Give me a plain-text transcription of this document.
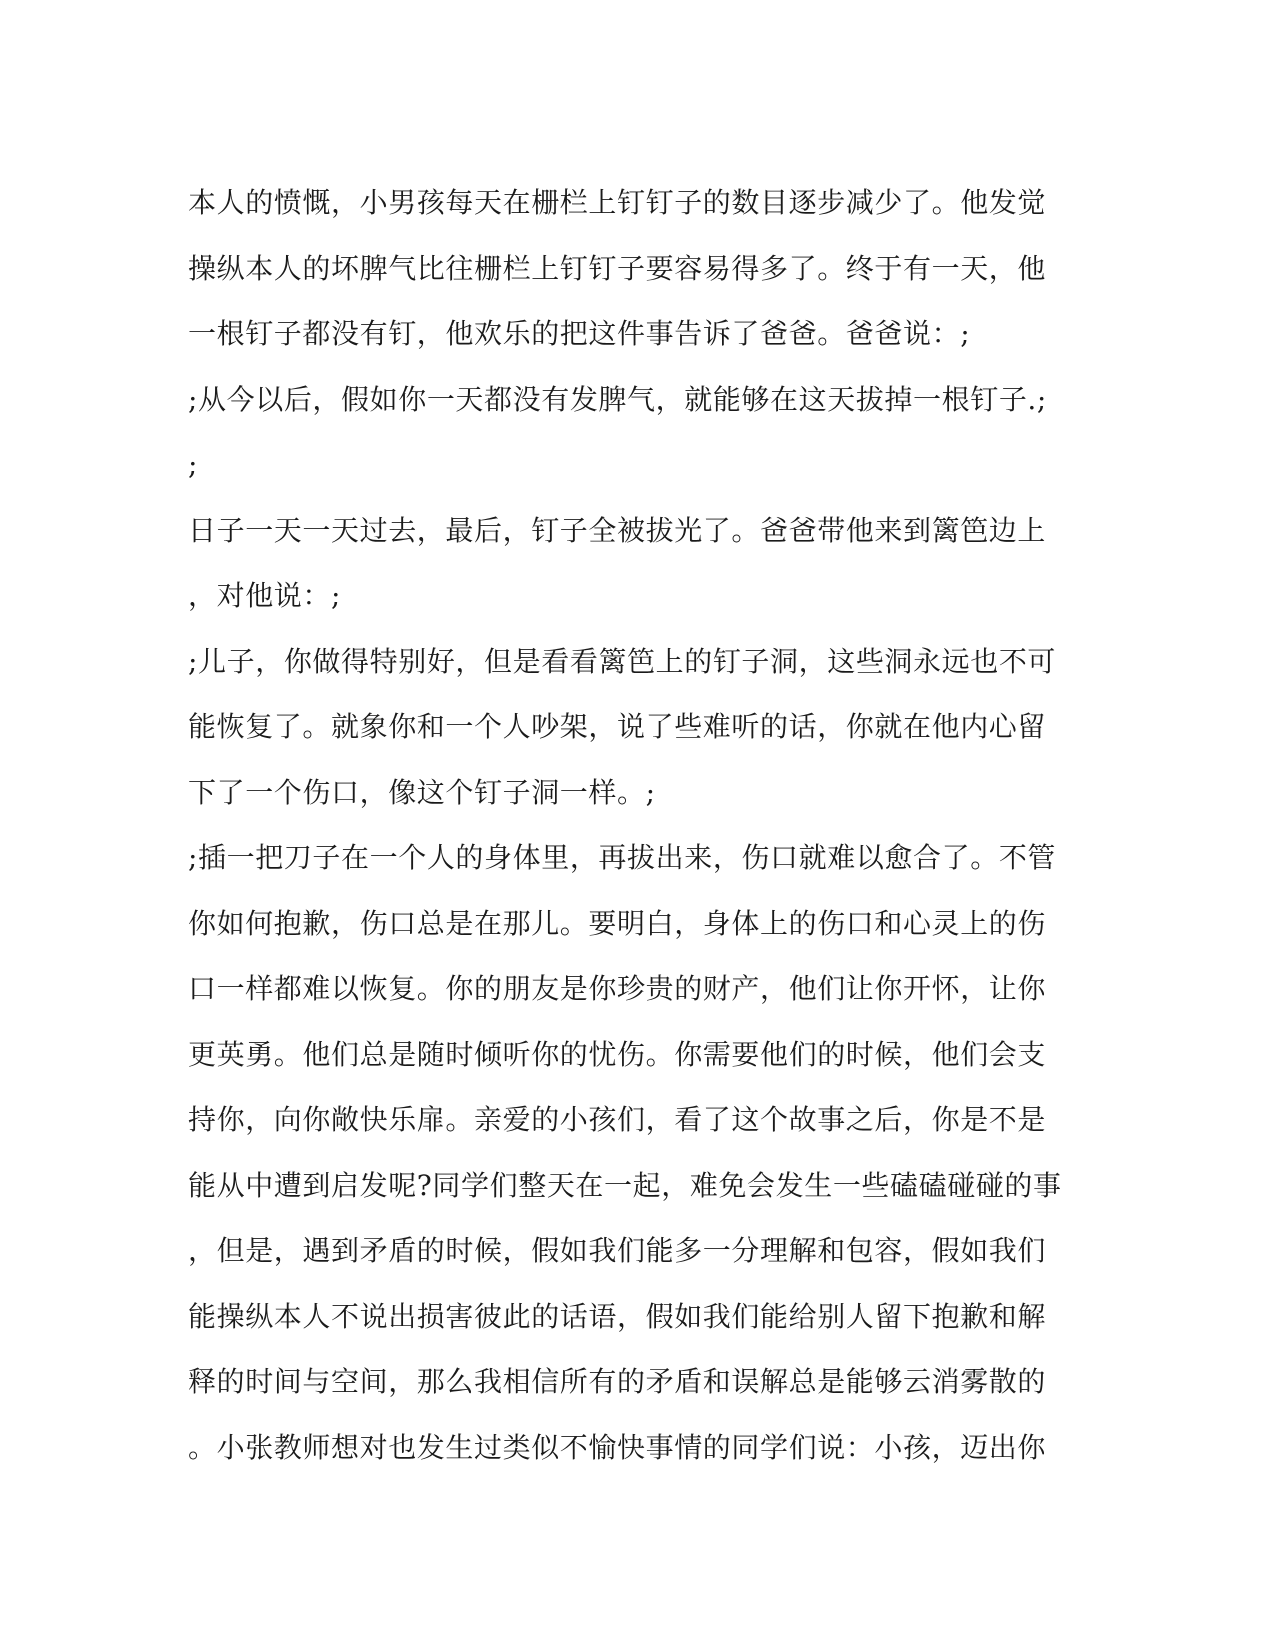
本人的愤慨，小男孩每天在栅栏上钉钉子的数目逐步减少了。他发觉
操纵本人的坏脾气比往栅栏上钉钉子要容易得多了。终于有一天，他
一根钉子都没有钉，他欢乐的把这件事告诉了爸爸。爸爸说：;
;从今以后，假如你一天都没有发脾气，就能够在这天拔掉一根钉子.;
;
日子一天一天过去，最后，钉子全被拔光了。爸爸带他来到篱笆边上
，对他说：;
;儿子，你做得特别好，但是看看篱笆上的钉子洞，这些洞永远也不可
能恢复了。就象你和一个人吵架，说了些难听的话，你就在他内心留
下了一个伤口，像这个钉子洞一样。;
;插一把刀子在一个人的身体里，再拔出来，伤口就难以愈合了。不管
你如何抱歉，伤口总是在那儿。要明白，身体上的伤口和心灵上的伤
口一样都难以恢复。你的朋友是你珍贵的财产，他们让你开怀，让你
更英勇。他们总是随时倾听你的忧伤。你需要他们的时候，他们会支
持你，向你敞快乐扉。亲爱的小孩们，看了这个故事之后，你是不是
能从中遭到启发呢?同学们整天在一起，难免会发生一些磕磕碰碰的事
，但是，遇到矛盾的时候，假如我们能多一分理解和包容，假如我们
能操纵本人不说出损害彼此的话语，假如我们能给别人留下抱歉和解
释的时间与空间，那么我相信所有的矛盾和误解总是能够云消雾散的
。小张教师想对也发生过类似不愉快事情的同学们说：小孩，迈出你
